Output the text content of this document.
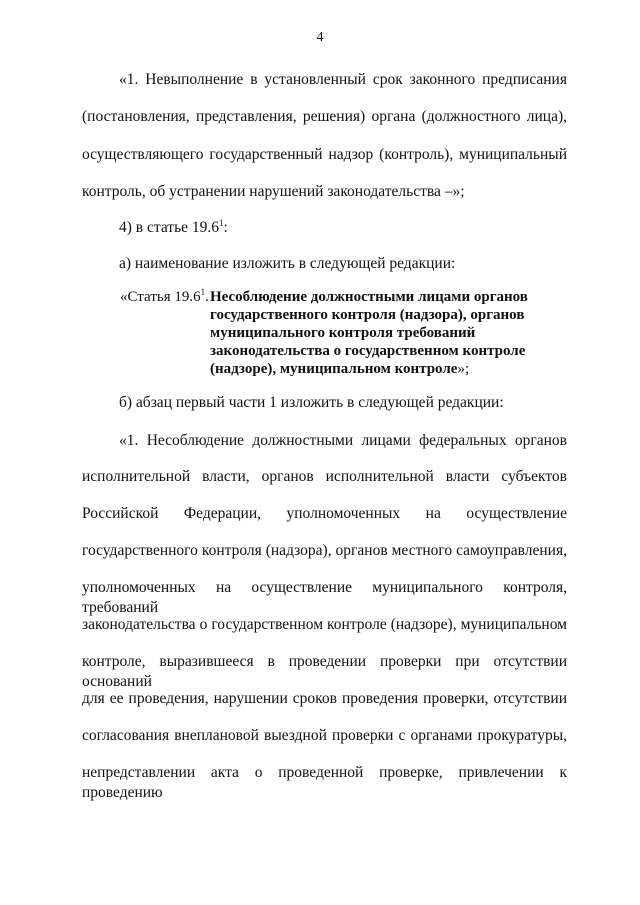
4
«1. Невыполнение в установленный срок законного предписания
(постановления, представления, решения) органа (должностного лица),
осуществляющего государственный надзор (контроль), муниципальный
контроль, об устранении нарушений законодательства –»;
4) в статье 19.6$^1$:
а) наименование изложить в следующей редакции:
«Статья 19.6$^1$. Несоблюдение должностными лицами органов
государственного контроля (надзора), органов
муниципального контроля требований
законодательства о государственном контроле
(надзоре), муниципальном контроле»;
б) абзац первый части 1 изложить в следующей редакции:
«1. Несоблюдение должностными лицами федеральных органов
исполнительной власти, органов исполнительной власти субъектов
Российской Федерации, уполномоченных на осуществление
государственного контроля (надзора), органов местного самоуправления,
уполномоченных на осуществление муниципального контроля, требований
законодательства о государственном контроле (надзоре), муниципальном
контроле, выразившееся в проведении проверки при отсутствии оснований
для ее проведения, нарушении сроков проведения проверки, отсутствии
согласования внеплановой выездной проверки с органами прокуратуры,
непредставлении акта о проведенной проверке, привлечении к проведению
